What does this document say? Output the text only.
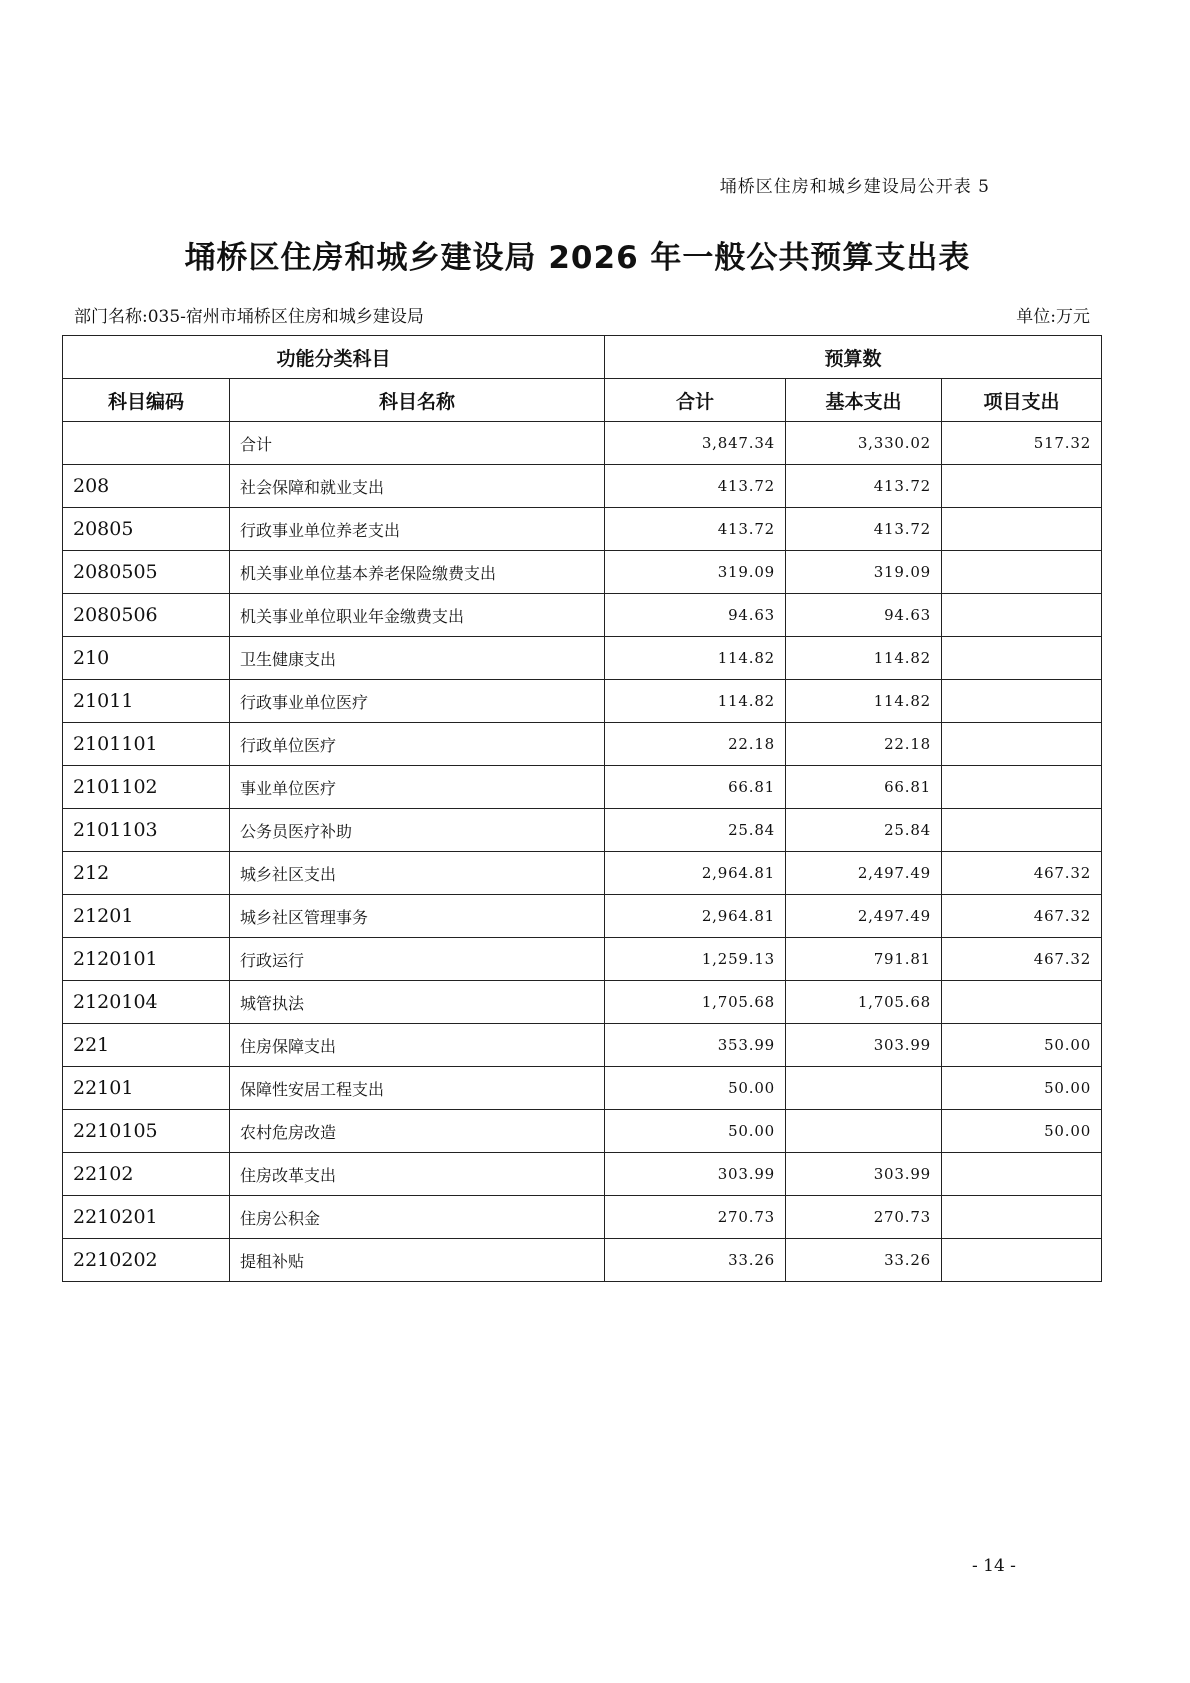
埇桥区住房和城乡建设局公开表 5
埇桥区住房和城乡建设局 2026 年一般公共预算支出表
部门名称:035-宿州市埇桥区住房和城乡建设局	单位:万元
功能分类科目		预算数		
科目编码	科目名称	合计	基本支出	项目支出
	合计	3,847.34	3,330.02	517.32
208	社会保障和就业支出	413.72	413.72	
20805	行政事业单位养老支出	413.72	413.72	
2080505	机关事业单位基本养老保险缴费支出	319.09	319.09	
2080506	机关事业单位职业年金缴费支出	94.63	94.63	
210	卫生健康支出	114.82	114.82	
21011	行政事业单位医疗	114.82	114.82	
2101101	行政单位医疗	22.18	22.18	
2101102	事业单位医疗	66.81	66.81	
2101103	公务员医疗补助	25.84	25.84	
212	城乡社区支出	2,964.81	2,497.49	467.32
21201	城乡社区管理事务	2,964.81	2,497.49	467.32
2120101	行政运行	1,259.13	791.81	467.32
2120104	城管执法	1,705.68	1,705.68	
221	住房保障支出	353.99	303.99	50.00
22101	保障性安居工程支出	50.00		50.00
2210105	农村危房改造	50.00		50.00
22102	住房改革支出	303.99	303.99	
2210201	住房公积金	270.73	270.73	
2210202	提租补贴	33.26	33.26	
- 14 -
